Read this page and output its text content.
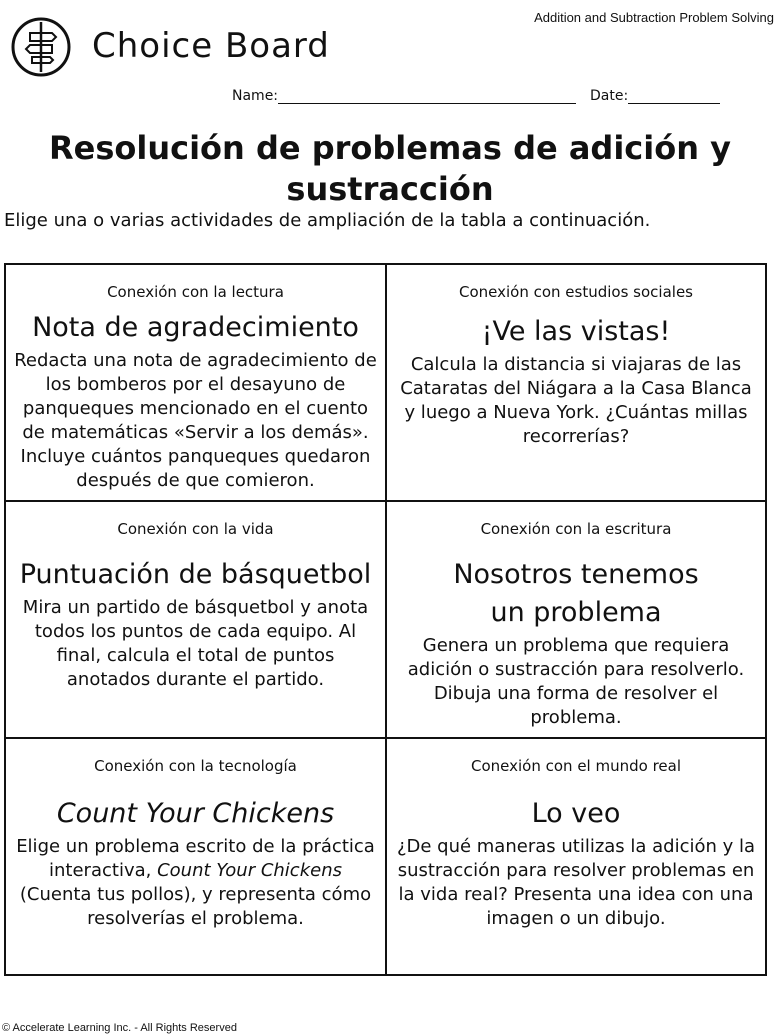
Addition and Subtraction Problem Solving
Choice Board
Name:	Date:
Resolución de problemas de adición y sustracción
Elige una o varias actividades de ampliación de la tabla a continuación.
Conexión con la lectura
Nota de agradecimiento
Redacta una nota de agradecimiento de los bomberos por el desayuno de panqueques mencionado en el cuento de matemáticas «Servir a los demás». Incluye cuántos panqueques quedaron después de que comieron.
Conexión con estudios sociales
¡Ve las vistas!
Calcula la distancia si viajaras de las Cataratas del Niágara a la Casa Blanca y luego a Nueva York. ¿Cuántas millas recorrerías?
Conexión con la vida
Puntuación de básquetbol
Mira un partido de básquetbol y anota todos los puntos de cada equipo. Al final, calcula el total de puntos anotados durante el partido.
Conexión con la escritura
Nosotros tenemos un problema
Genera un problema que requiera adición o sustracción para resolverlo. Dibuja una forma de resolver el problema.
Conexión con la tecnología
Count Your Chickens
Elige un problema escrito de la práctica interactiva, Count Your Chickens (Cuenta tus pollos), y representa cómo resolverías el problema.
Conexión con el mundo real
Lo veo
¿De qué maneras utilizas la adición y la sustracción para resolver problemas en la vida real? Presenta una idea con una imagen o un dibujo.
© Accelerate Learning Inc. - All Rights Reserved
